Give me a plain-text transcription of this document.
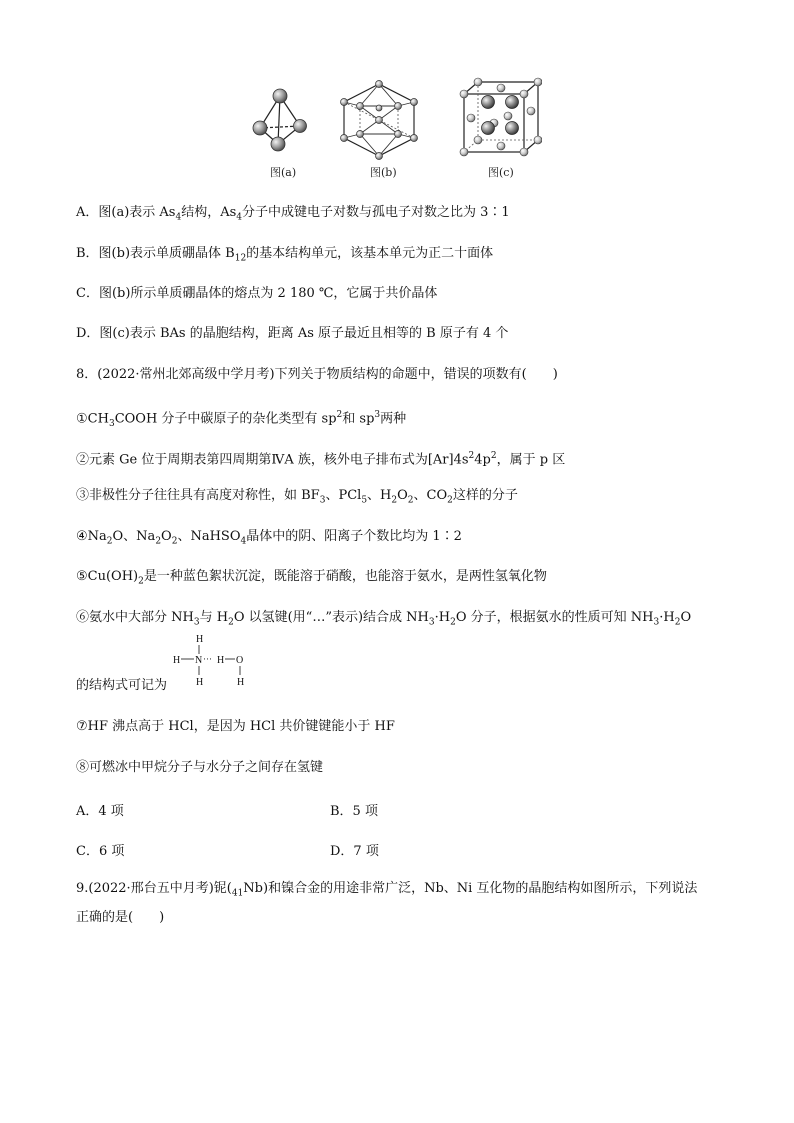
图(a)	图(b)	图(c)
A．图(a)表示 $As_4$结构，$As_4$分子中成键电子对数与孤电子对数之比为 3∶1
B．图(b)表示单质硼晶体 $B_{12}$的基本结构单元，该基本单元为正二十面体
C．图(b)所示单质硼晶体的熔点为 2 180 ℃，它属于共价晶体
D．图(c)表示 BAs 的晶胞结构，距离 As 原子最近且相等的 B 原子有 4 个
8．(2022·常州北郊高级中学月考)下列关于物质结构的命题中，错误的项数有(　　)
$①CH_3COOH$ 分子中碳原子的杂化类型有 $sp^2$和 $sp^3$两种
②元素 Ge 位于周期表第四周期第ⅣA 族，核外电子排布式为$[Ar]4s^24p^2$，属于 p 区
③非极性分子往往具有高度对称性，如 $BF_3$、PCl$_5$、$H_2O_2$、$CO_2$这样的分子
$④Na_2O$、$Na_2O_2$、NaHSO$_4$晶体中的阴、阳离子个数比均为 1∶2
$⑤Cu(OH)_2$是一种蓝色絮状沉淀，既能溶于硝酸，也能溶于氨水，是两性氢氧化物
⑥氨水中大部分 $NH_3$与 $H_2O$ 以氢键(用“…”表示)结合成 $NH_3\cdot H_2O$ 分子，根据氨水的性质可知 $NH_3\cdot H_2O$
H
H N ··· H O
H	H
的结构式可记为
⑦HF 沸点高于 HCl，是因为 HCl 共价键键能小于 HF
⑧可燃冰中甲烷分子与水分子之间存在氢键
A．4 项	B．5 项
C．6 项	D．7 项
9.(2022·邢台五中月考)铌$(_{41}Nb)$和镍合金的用途非常广泛，Nb、Ni 互化物的晶胞结构如图所示，下列说法
正确的是(　　)
